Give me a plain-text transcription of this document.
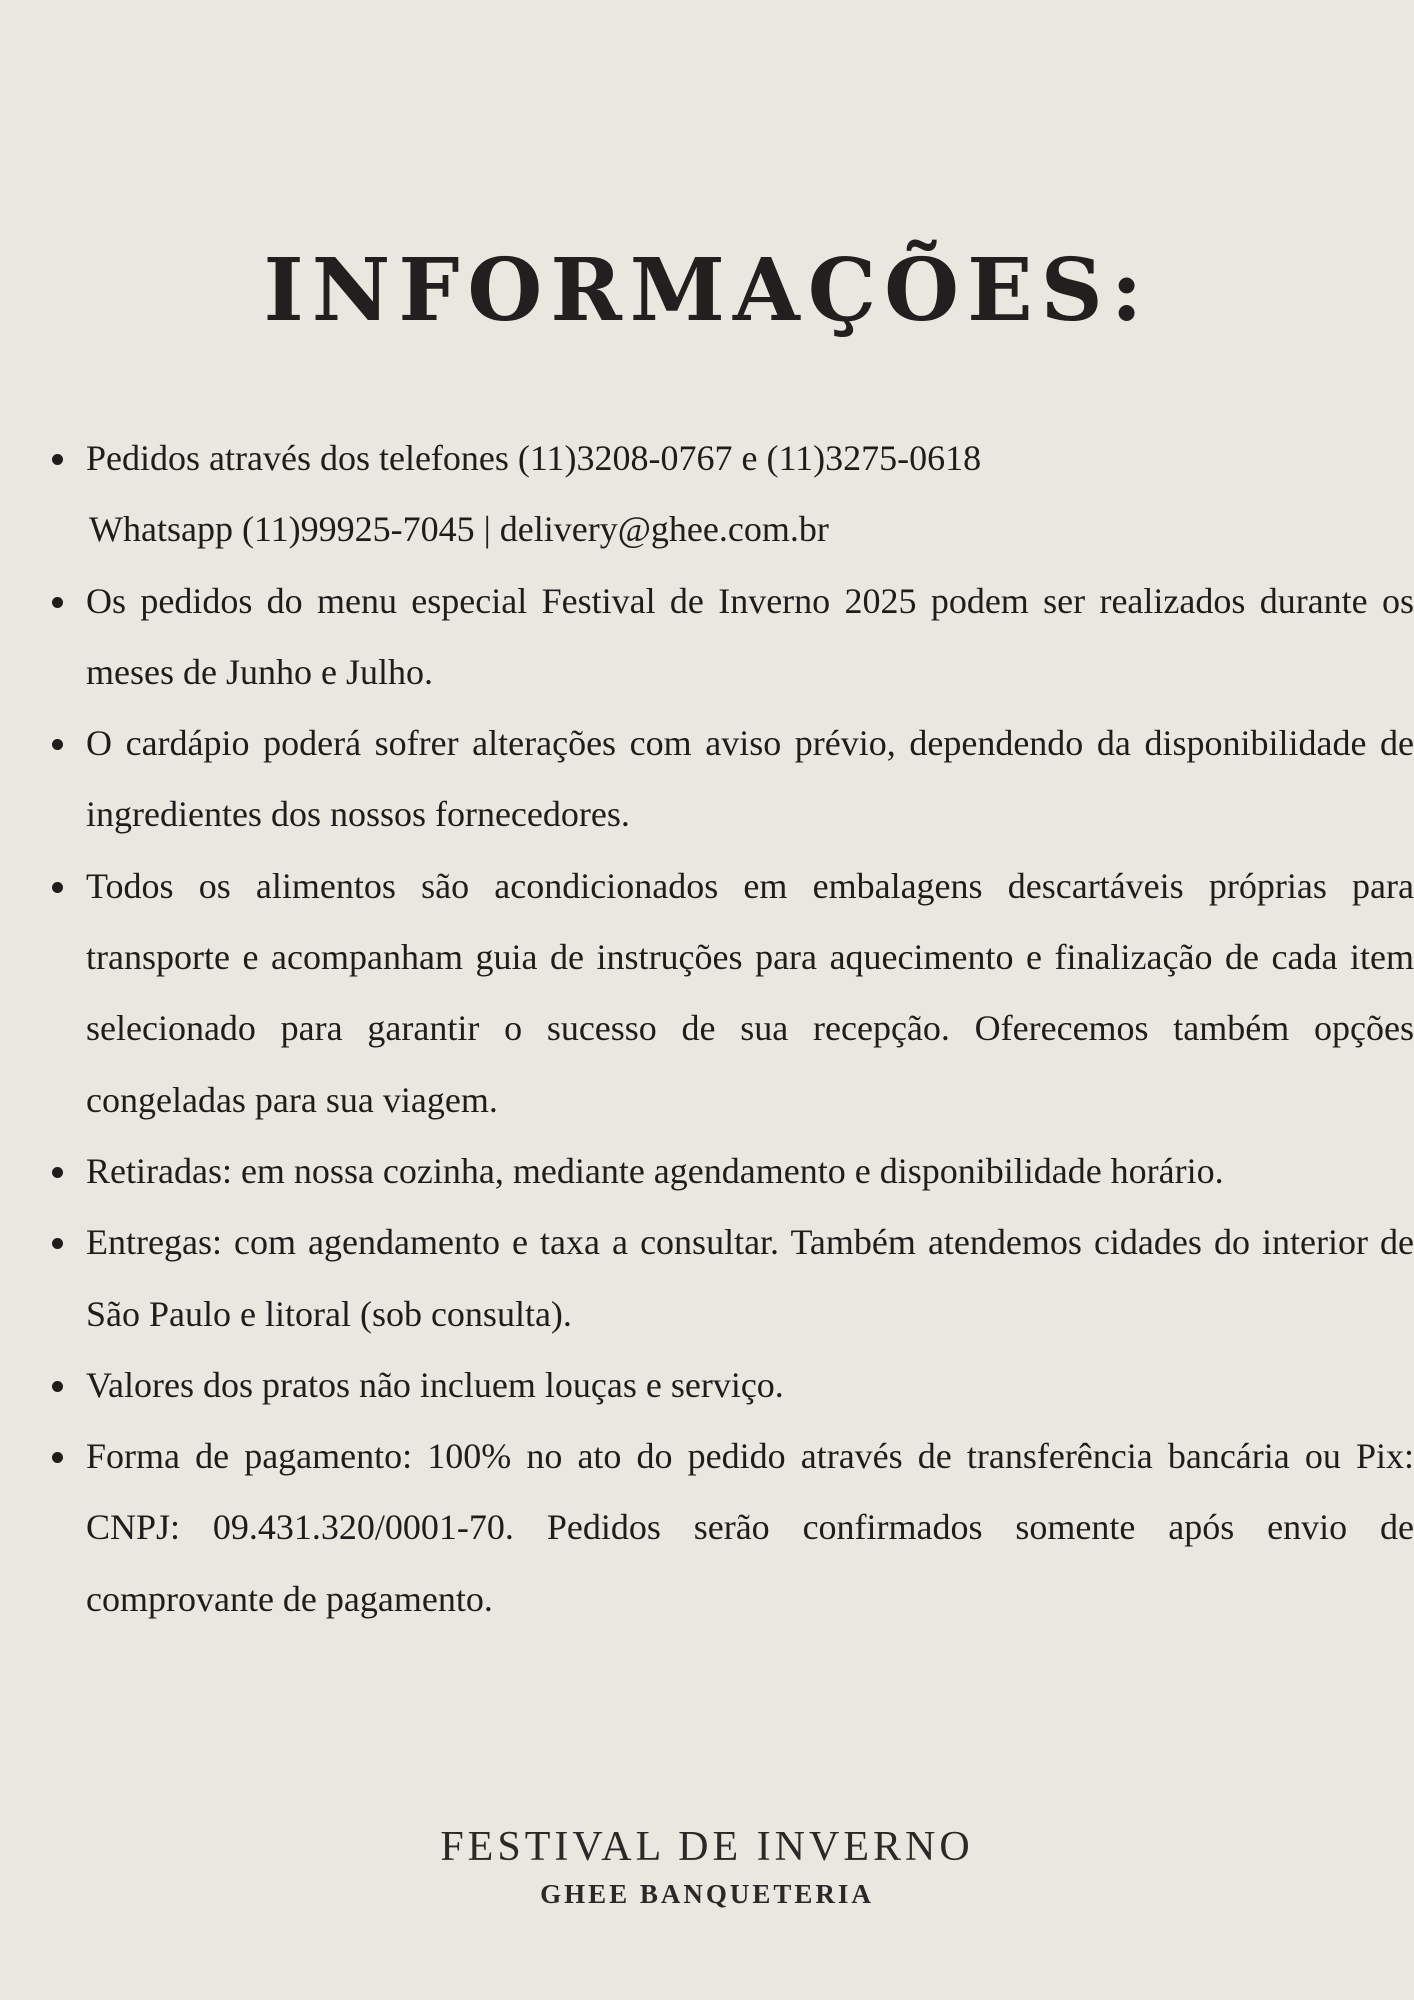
INFORMAÇÕES:
Pedidos através dos telefones (11)3208-0767 e (11)3275-0618
Whatsapp (11)99925-7045 | delivery@ghee.com.br
Os pedidos do menu especial Festival de Inverno 2025 podem ser realizados durante os meses de Junho e Julho.
O cardápio poderá sofrer alterações com aviso prévio, dependendo da disponibilidade de ingredientes dos nossos fornecedores.
Todos os alimentos são acondicionados em embalagens descartáveis próprias para transporte e acompanham guia de instruções para aquecimento e finalização de cada item selecionado para garantir o sucesso de sua recepção. Oferecemos também opções congeladas para sua viagem.
Retiradas: em nossa cozinha, mediante agendamento e disponibilidade horário.
Entregas: com agendamento e taxa a consultar. Também atendemos cidades do interior de São Paulo e litoral (sob consulta).
Valores dos pratos não incluem louças e serviço.
Forma de pagamento: 100% no ato do pedido através de transferência bancária ou Pix: CNPJ: 09.431.320/0001-70. Pedidos serão confirmados somente após envio de comprovante de pagamento.
FESTIVAL DE INVERNO
GHEE BANQUETERIA
